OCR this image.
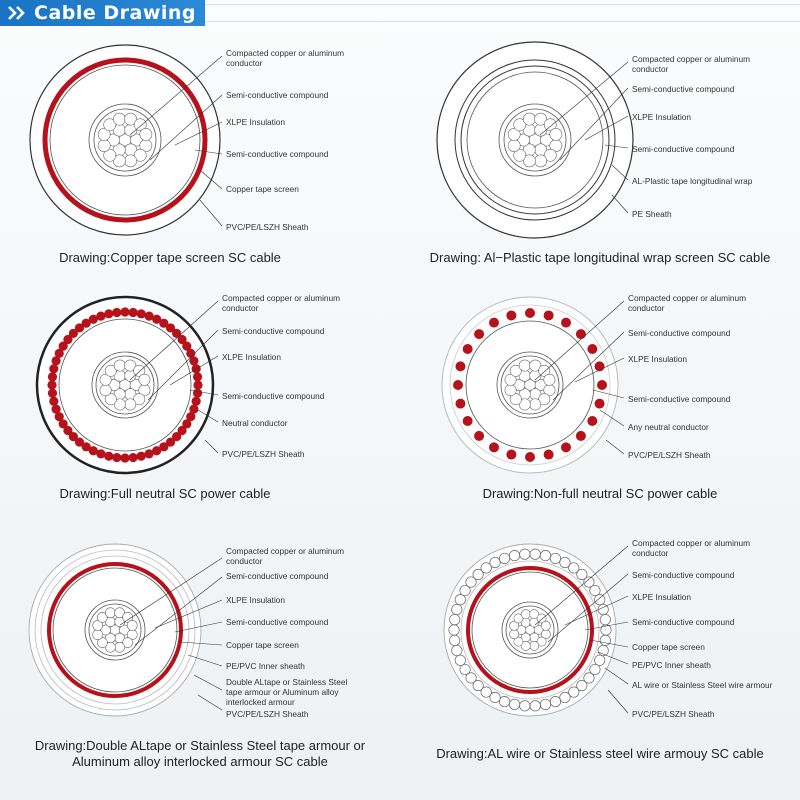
Cable Drawing
Compacted copper or aluminum conductor
Semi-conductive compound
XLPE Insulation
Semi-conductive compound
Copper tape screen
PVC/PE/LSZH Sheath
Drawing:Copper tape screen SC cable
Compacted copper or aluminum conductor
Semi-conductive compound
XLPE Insulation
Semi-conductive compound
AL-Plastic tape longitudinal wrap
PE Sheath
Drawing: Al−Plastic tape longitudinal wrap screen SC cable
Compacted copper or aluminum conductor
Semi-conductive compound
XLPE Insulation
Semi-conductive compound
Neutral conductor
PVC/PE/LSZH Sheath
Drawing:Full neutral SC power cable
Compacted copper or aluminum conductor
Semi-conductive compound
XLPE Insulation
Semi-conductive compound
Any neutral conductor
PVC/PE/LSZH Sheath
Drawing:Non-full neutral SC power cable
Compacted copper or aluminum conductor
Semi-conductive compound
XLPE Insulation
Semi-conductive compound
Copper tape screen
PE/PVC Inner sheath
Double ALtape or Stainless Steel tape armour or Aluminum alloy interlocked armour
PVC/PE/LSZH Sheath
Drawing:Double ALtape or Stainless Steel tape armour or
Aluminum alloy interlocked armour SC cable
Compacted copper or aluminum conductor
Semi-conductive compound
XLPE Insulation
Semi-conductive compound
Copper tape screen
PE/PVC Inner sheath
AL wire or Stainless Steel wire armour
PVC/PE/LSZH Sheath
Drawing:AL wire or Stainless steel wire armouy SC cable
